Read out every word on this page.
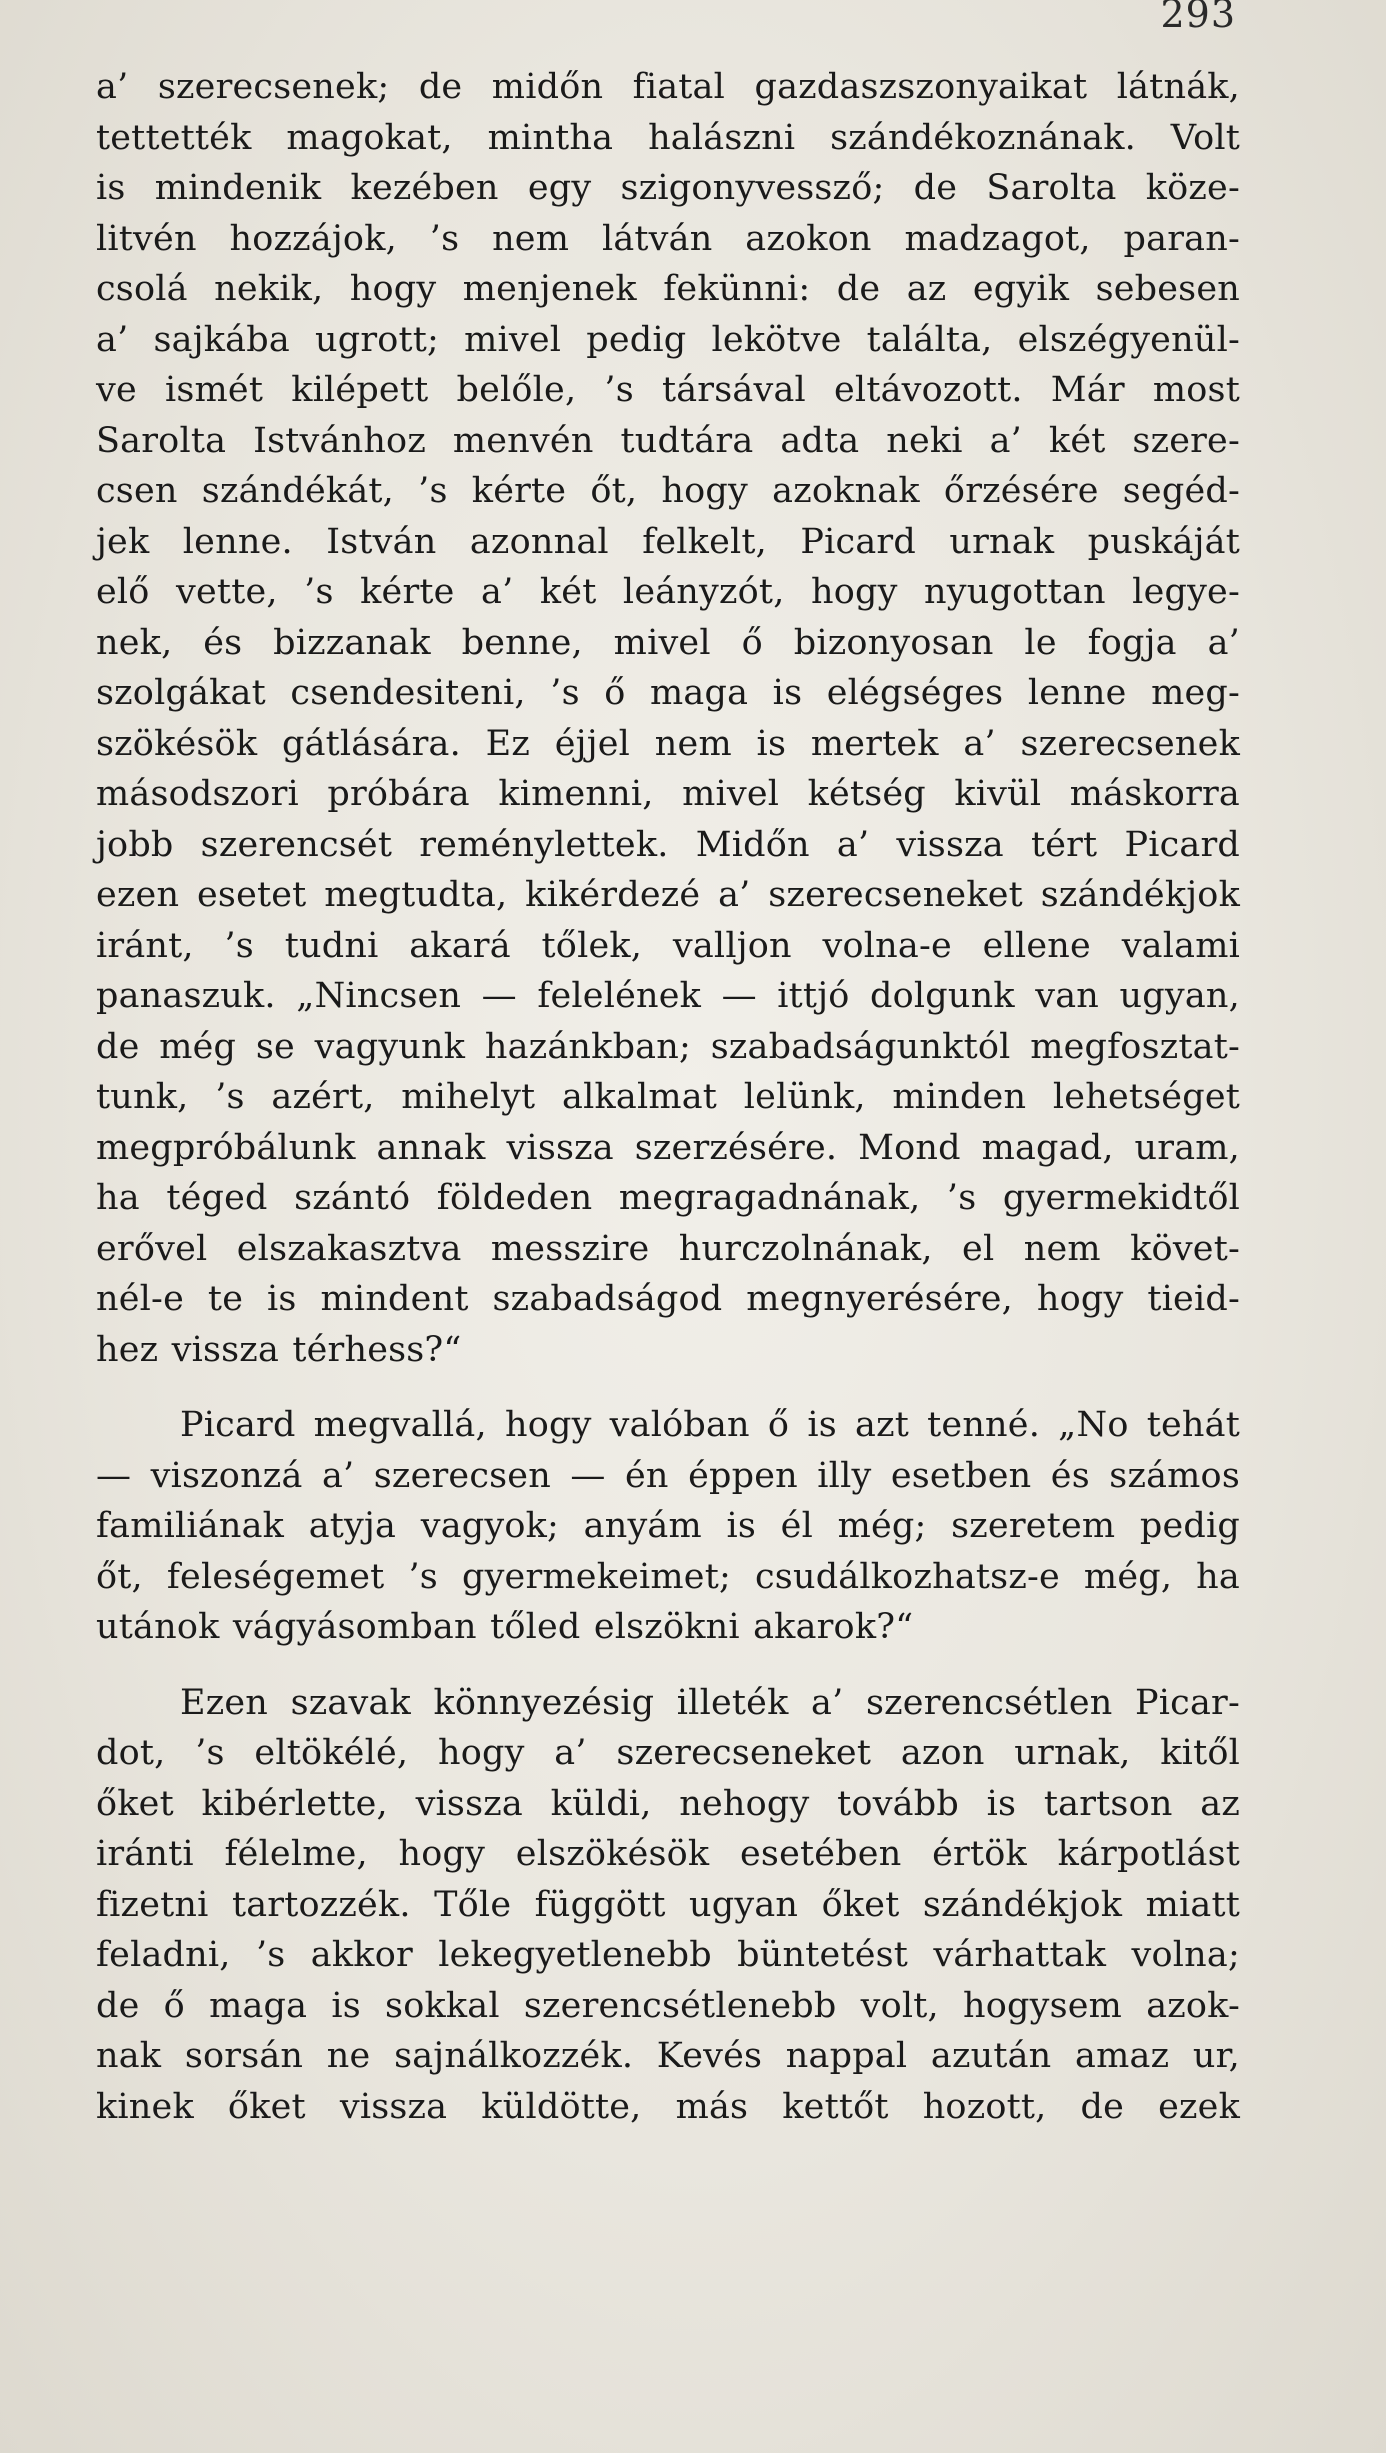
293

a’ szerecsenek; de midőn fiatal gazdaszszonyaikat látnák,
tettették magokat, mintha halászni szándékoznának. Volt
is mindenik kezében egy szigonyvessző; de Sarolta köze-
litvén hozzájok, ’s nem látván azokon madzagot, paran-
csolá nekik, hogy menjenek fekünni: de az egyik sebesen
a’ sajkába ugrott; mivel pedig lekötve találta, elszégyenül-
ve ismét kilépett belőle, ’s társával eltávozott. Már most
Sarolta Istvánhoz menvén tudtára adta neki a’ két szere-
csen szándékát, ’s kérte őt, hogy azoknak őrzésére segéd-
jek lenne. István azonnal felkelt, Picard urnak puskáját
elő vette, ’s kérte a’ két leányzót, hogy nyugottan legye-
nek, és bizzanak benne, mivel ő bizonyosan le fogja a’
szolgákat csendesiteni, ’s ő maga is elégséges lenne meg-
szökésök gátlására. Ez éjjel nem is mertek a’ szerecsenek
másodszori próbára kimenni, mivel kétség kivül máskorra
jobb szerencsét reménylettek. Midőn a’ vissza tért Picard
ezen esetet megtudta, kikérdezé a’ szerecseneket szándékjok
iránt, ’s tudni akará tőlek, valljon volna-e ellene valami
panaszuk. „Nincsen — felelének — ittjó dolgunk van ugyan,
de még se vagyunk hazánkban; szabadságunktól megfosztat-
tunk, ’s azért, mihelyt alkalmat lelünk, minden lehetséget
megpróbálunk annak vissza szerzésére. Mond magad, uram,
ha téged szántó földeden megragadnának, ’s gyermekidtől
erővel elszakasztva messzire hurczolnának, el nem követ-
nél-e te is mindent szabadságod megnyerésére, hogy tieid-
hez vissza térhess?“

Picard megvallá, hogy valóban ő is azt tenné. „No tehát
— viszonzá a’ szerecsen — én éppen illy esetben és számos
familiának atyja vagyok; anyám is él még; szeretem pedig
őt, feleségemet ’s gyermekeimet; csudálkozhatsz-e még, ha
utánok vágyásomban tőled elszökni akarok?“

Ezen szavak könnyezésig illeték a’ szerencsétlen Picar-
dot, ’s eltökélé, hogy a’ szerecseneket azon urnak, kitől
őket kibérlette, vissza küldi, nehogy tovább is tartson az
iránti félelme, hogy elszökésök esetében értök kárpotlást
fizetni tartozzék. Tőle függött ugyan őket szándékjok miatt
feladni, ’s akkor lekegyetlenebb büntetést várhattak volna;
de ő maga is sokkal szerencsétlenebb volt, hogysem azok-
nak sorsán ne sajnálkozzék. Kevés nappal azután amaz ur,
kinek őket vissza küldötte, más kettőt hozott, de ezek
